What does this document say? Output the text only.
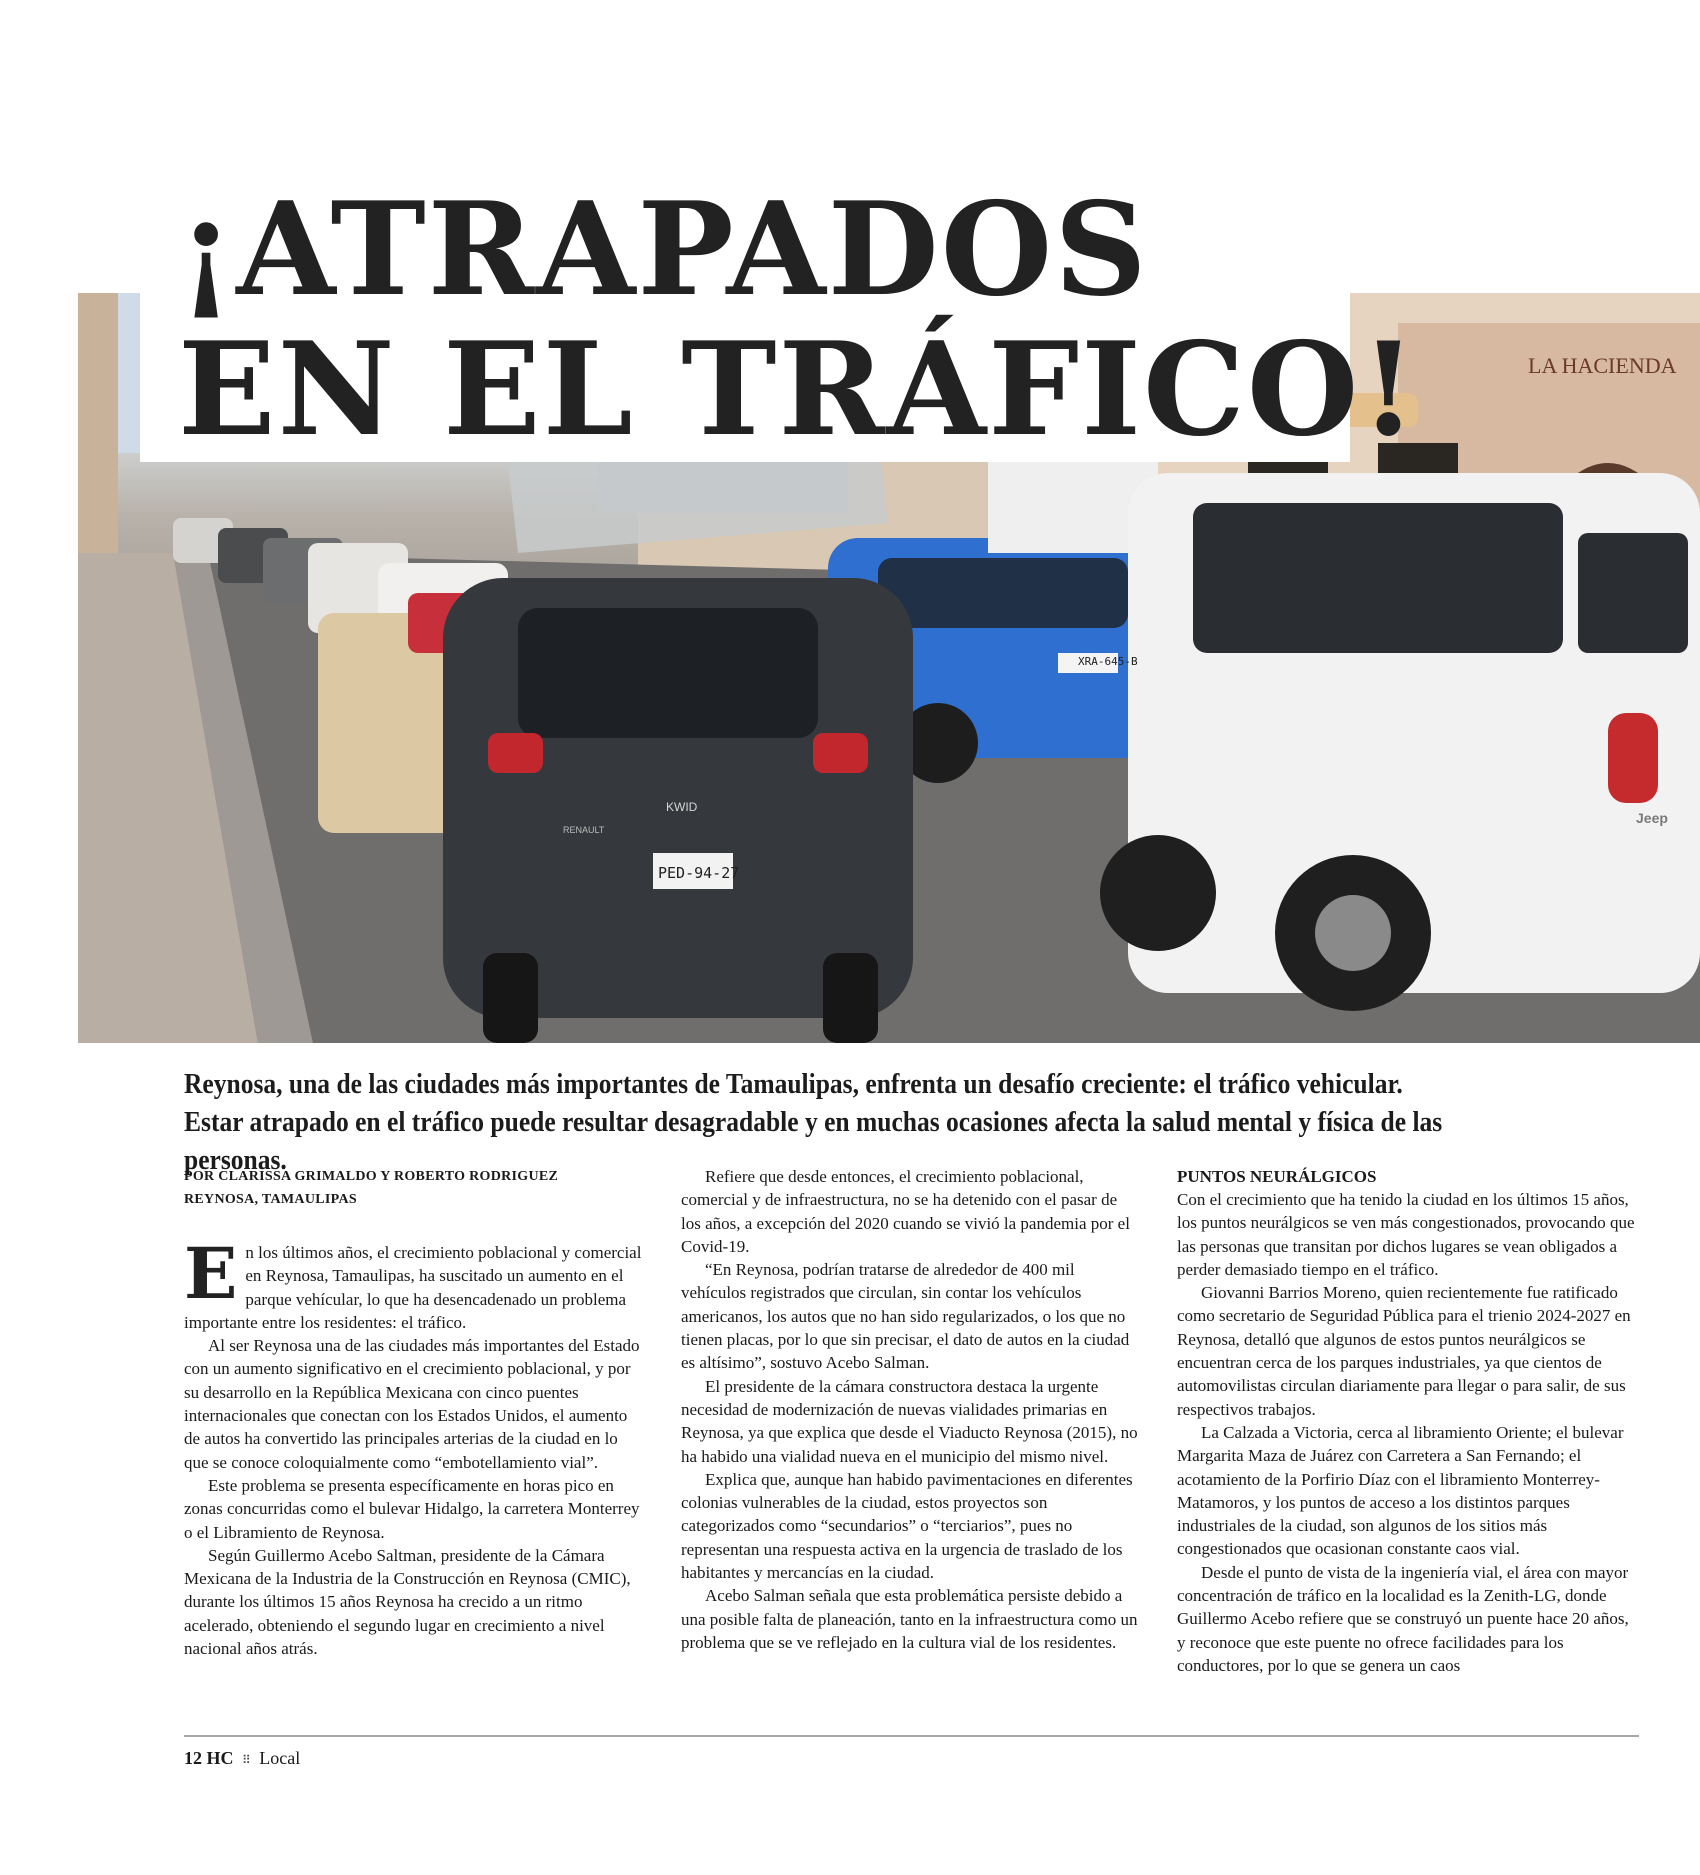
LA HACIENDA
PED-94-27
KWID
RENAULT
Jeep
XRA-645-B
¡ATRAPADOS
EN EL TRÁFICO!

Reynosa, una de las ciudades más importantes de Tamaulipas, enfrenta un desafío creciente: el tráfico vehicular. Estar atrapado en el tráfico puede resultar desagradable y en muchas ocasiones afecta la salud mental y física de las personas.

POR CLARISSA GRIMALDO Y ROBERTO RODRIGUEZ
REYNOSA, TAMAULIPAS

En los últimos años, el crecimiento poblacional y comercial en Reynosa, Tamaulipas, ha suscitado un aumento en el parque vehícular, lo que ha desencadenado un problema importante entre los residentes: el tráfico.

Al ser Reynosa una de las ciudades más importantes del Estado con un aumento significativo en el crecimiento poblacional, y por su desarrollo en la República Mexicana con cinco puentes internacionales que conectan con los Estados Unidos, el aumento de autos ha convertido las principales arterias de la ciudad en lo que se conoce coloquialmente como “embotellamiento vial”.

Este problema se presenta específicamente en horas pico en zonas concurridas como el bulevar Hidalgo, la carretera Monterrey o el Libramiento de Reynosa.

Según Guillermo Acebo Saltman, presidente de la Cámara Mexicana de la Industria de la Construcción en Reynosa (CMIC), durante los últimos 15 años Reynosa ha crecido a un ritmo acelerado, obteniendo el segundo lugar en crecimiento a nivel nacional años atrás.

Refiere que desde entonces, el crecimiento poblacional, comercial y de infraestructura, no se ha detenido con el pasar de los años, a excepción del 2020 cuando se vivió la pandemia por el Covid-19.

“En Reynosa, podrían tratarse de alrededor de 400 mil vehículos registrados que circulan, sin contar los vehículos americanos, los autos que no han sido regularizados, o los que no tienen placas, por lo que sin precisar, el dato de autos en la ciudad es altísimo”, sostuvo Acebo Salman.

El presidente de la cámara constructora destaca la urgente necesidad de modernización de nuevas vialidades primarias en Reynosa, ya que explica que desde el Viaducto Reynosa (2015), no ha habido una vialidad nueva en el municipio del mismo nivel.

Explica que, aunque han habido pavimentaciones en diferentes colonias vulnerables de la ciudad, estos proyectos son categorizados como “secundarios” o “terciarios”, pues no representan una respuesta activa en la urgencia de traslado de los habitantes y mercancías en la ciudad.

Acebo Salman señala que esta problemática persiste debido a una posible falta de planeación, tanto en la infraestructura como un problema que se ve reflejado en la cultura vial de los residentes.

PUNTOS NEURÁLGICOS

Con el crecimiento que ha tenido la ciudad en los últimos 15 años, los puntos neurálgicos se ven más congestionados, provocando que las personas que transitan por dichos lugares se vean obligados a perder demasiado tiempo en el tráfico.

Giovanni Barrios Moreno, quien recientemente fue ratificado como secretario de Seguridad Pública para el trienio 2024-2027 en Reynosa, detalló que algunos de estos puntos neurálgicos se encuentran cerca de los parques industriales, ya que cientos de automovilistas circulan diariamente para llegar o para salir, de sus respectivos trabajos.

La Calzada a Victoria, cerca al libramiento Oriente; el bulevar Margarita Maza de Juárez con Carretera a San Fernando; el acotamiento de la Porfirio Díaz con el libramiento Monterrey-Matamoros, y los puntos de acceso a los distintos parques industriales de la ciudad, son algunos de los sitios más congestionados que ocasionan constante caos vial.

Desde el punto de vista de la ingeniería vial, el área con mayor concentración de tráfico en la localidad es la Zenith-LG, donde Guillermo Acebo refiere que se construyó un puente hace 20 años, y reconoce que este puente no ofrece facilidades para los conductores, por lo que se genera un caos

12 HC ⠿ Local
